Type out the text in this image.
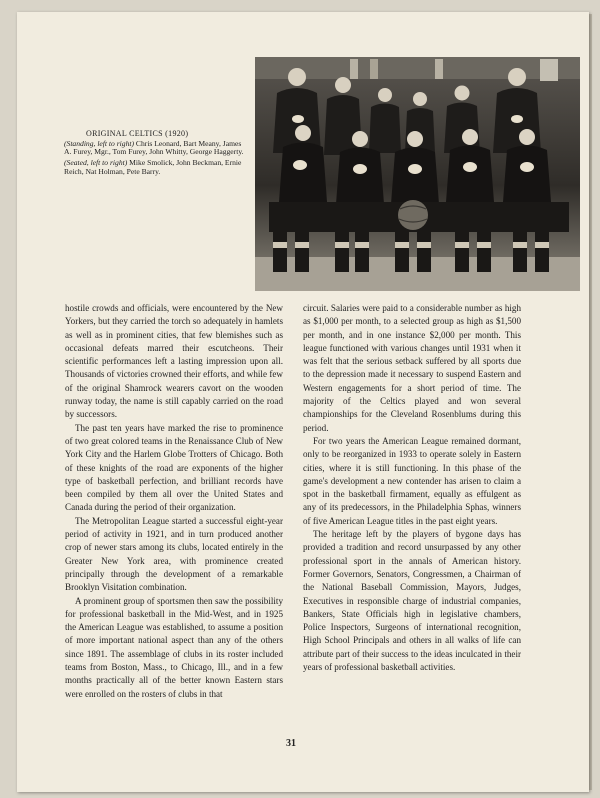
ORIGINAL CELTICS (1920)

(Standing, left to right) Chris Leonard, Bart Meany, James A. Furey, Mgr., Tom Furey, John Whitty, George Haggerty.

(Seated, left to right) Mike Smolick, John Beckman, Ernie Reich, Nat Holman, Pete Barry.

hostile crowds and officials, were encountered by the New Yorkers, but they carried the torch so adequately in hamlets as well as in prominent cities, that few blemishes such as occasional defeats marred their escutcheons. Their scientific performances left a lasting impression upon all. Thousands of victories crowned their efforts, and while few of the original Shamrock wearers cavort on the wooden runway today, the name is still capably carried on the road by successors.

The past ten years have marked the rise to prominence of two great colored teams in the Renaissance Club of New York City and the Harlem Globe Trotters of Chicago. Both of these knights of the road are exponents of the higher type of basketball perfection, and brilliant records have been compiled by them all over the United States and Canada during the period of their organization.

The Metropolitan League started a successful eight-year period of activity in 1921, and in turn produced another crop of newer stars among its clubs, located entirely in the Greater New York area, with prominence created principally through the development of a remarkable Brooklyn Visitation combination.

A prominent group of sportsmen then saw the possibility for professional basketball in the Mid-West, and in 1925 the American League was established, to assume a position of more important national aspect than any of the others since 1891. The assemblage of clubs in its roster included teams from Boston, Mass., to Chicago, Ill., and in a few months practically all of the better known Eastern stars were enrolled on the rosters of clubs in that

circuit. Salaries were paid to a considerable number as high as $1,000 per month, to a selected group as high as $1,500 per month, and in one instance $2,000 per month. This league functioned with various changes until 1931 when it was felt that the serious setback suffered by all sports due to the depression made it necessary to suspend Eastern and Western engagements for a short period of time. The majority of the Celtics played and won several championships for the Cleveland Rosenblums during this period.

For two years the American League remained dormant, only to be reorganized in 1933 to operate solely in Eastern cities, where it is still functioning. In this phase of the game's development a new contender has arisen to claim a spot in the basketball firmament, equally as effulgent as any of its predecessors, in the Philadelphia Sphas, winners of five American League titles in the past eight years.

The heritage left by the players of bygone days has provided a tradition and record unsurpassed by any other professional sport in the annals of American history. Former Governors, Senators, Congressmen, a Chairman of the National Baseball Commission, Mayors, Judges, Executives in responsible charge of industrial companies, Bankers, State Officials high in legislative chambers, Police Inspectors, Surgeons of international recognition, High School Principals and others in all walks of life can attribute part of their success to the ideas inculcated in their years of professional basketball activities.

31
